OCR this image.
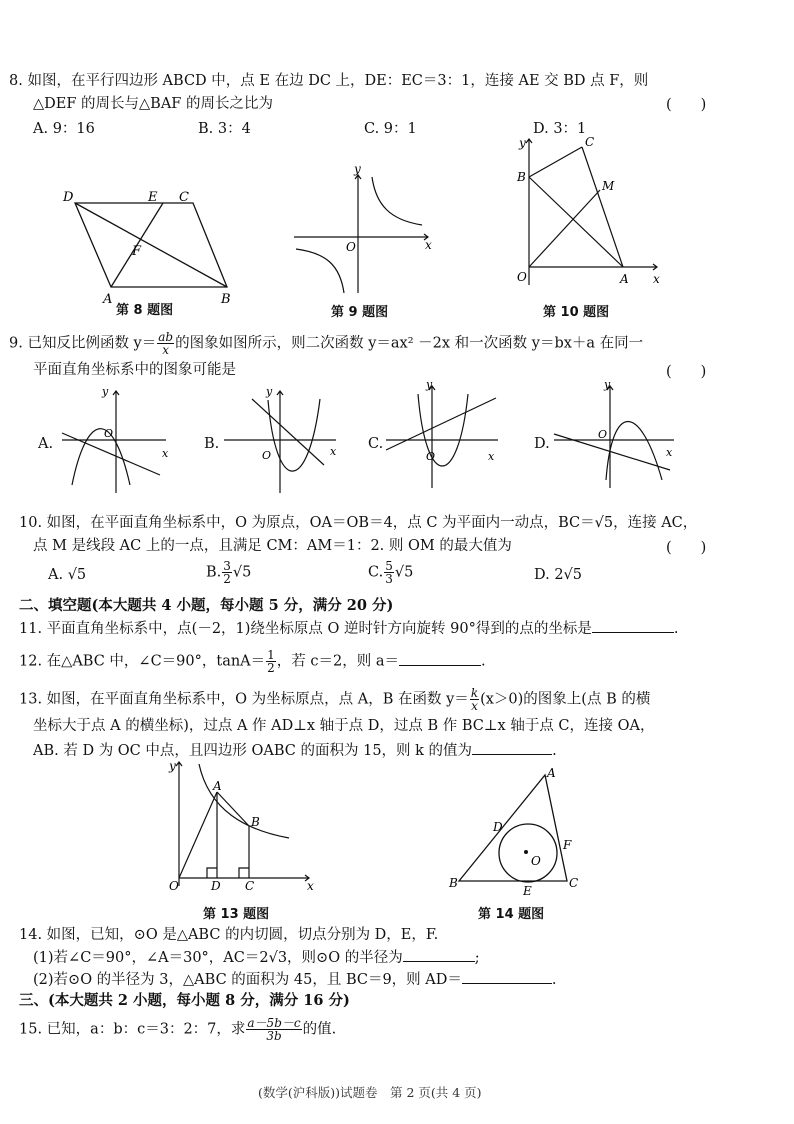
8. 如图，在平行四边形 ABCD 中，点 E 在边 DC 上，DE：EC＝3：1，连接 AE 交 BD 点 F，则
△DEF 的周长与△BAF 的周长之比为	(　　)
A. 9：16	B. 3：4	C. 9：1	D. 3：1
D	E C
F
A	B
第 8 题图
y
x
O
第 9 题图
y	C
B
M
O	A x
第 10 题图
9. 已知反比例函数 $y= \frac{ab}{x}$ 的图象如图所示，则二次函数 y＝ax² －2x 和一次函数 y＝bx＋a 在同一
平面直角坐标系中的图象可能是	(　　)
A.
y
x
O
B.
y
x
O
C.
y
x
O
D.
y
x
O
10. 如图，在平面直角坐标系中，O 为原点，OA＝OB＝4，点 C 为平面内一动点，BC＝√5，连接 AC，
点 M 是线段 AC 上的一点，且满足 CM：AM＝1：2. 则 OM 的最大值为	(　　)
A. √5	B. $\frac{3}{2} √5$	C. $\frac{5}{3} √5$	D. 2√5
二、填空题(本大题共 4 小题，每小题 5 分，满分 20 分)
11. 平面直角坐标系中，点(－2，1)绕坐标原点 O 逆时针方向旋转 90°得到的点的坐标是	.
12. 在△ABC 中，∠C＝90°，$\tan A= \frac{1}{2}$ ，若 c＝2，则 a＝	.
13. 如图，在平面直角坐标系中，O 为坐标原点，点 A，B 在函数 $y= \frac{k}{x} (x>0)$的图象上(点 B 的横
坐标大于点 A 的横坐标)，过点 A 作 AD⊥x 轴于点 D，过点 B 作 BC⊥x 轴于点 C，连接 OA，
AB. 若 D 为 OC 中点，且四边形 OABC 的面积为 15，则 k 的值为	.
y
A
B
O	D C	x
第 13 题图
A
D
F
O
B
E
C
第 14 题图
14. 如图，已知，⊙O 是△ABC 的内切圆，切点分别为 D，E，F.
(1)若∠C＝90°，∠A＝30°，AC＝2√3，则⊙O 的半径为	;
(2)若⊙O 的半径为 3，△ABC 的面积为 45，且 BC＝9，则 AD＝	.
三、(本大题共 2 小题，每小题 8 分，满分 16 分)
15. 已知，a：b：c＝3：2：7，求 $\frac{a-5b-c}{3b}$ 的值.
(数学(沪科版))试题卷　第 2 页(共 4 页)
